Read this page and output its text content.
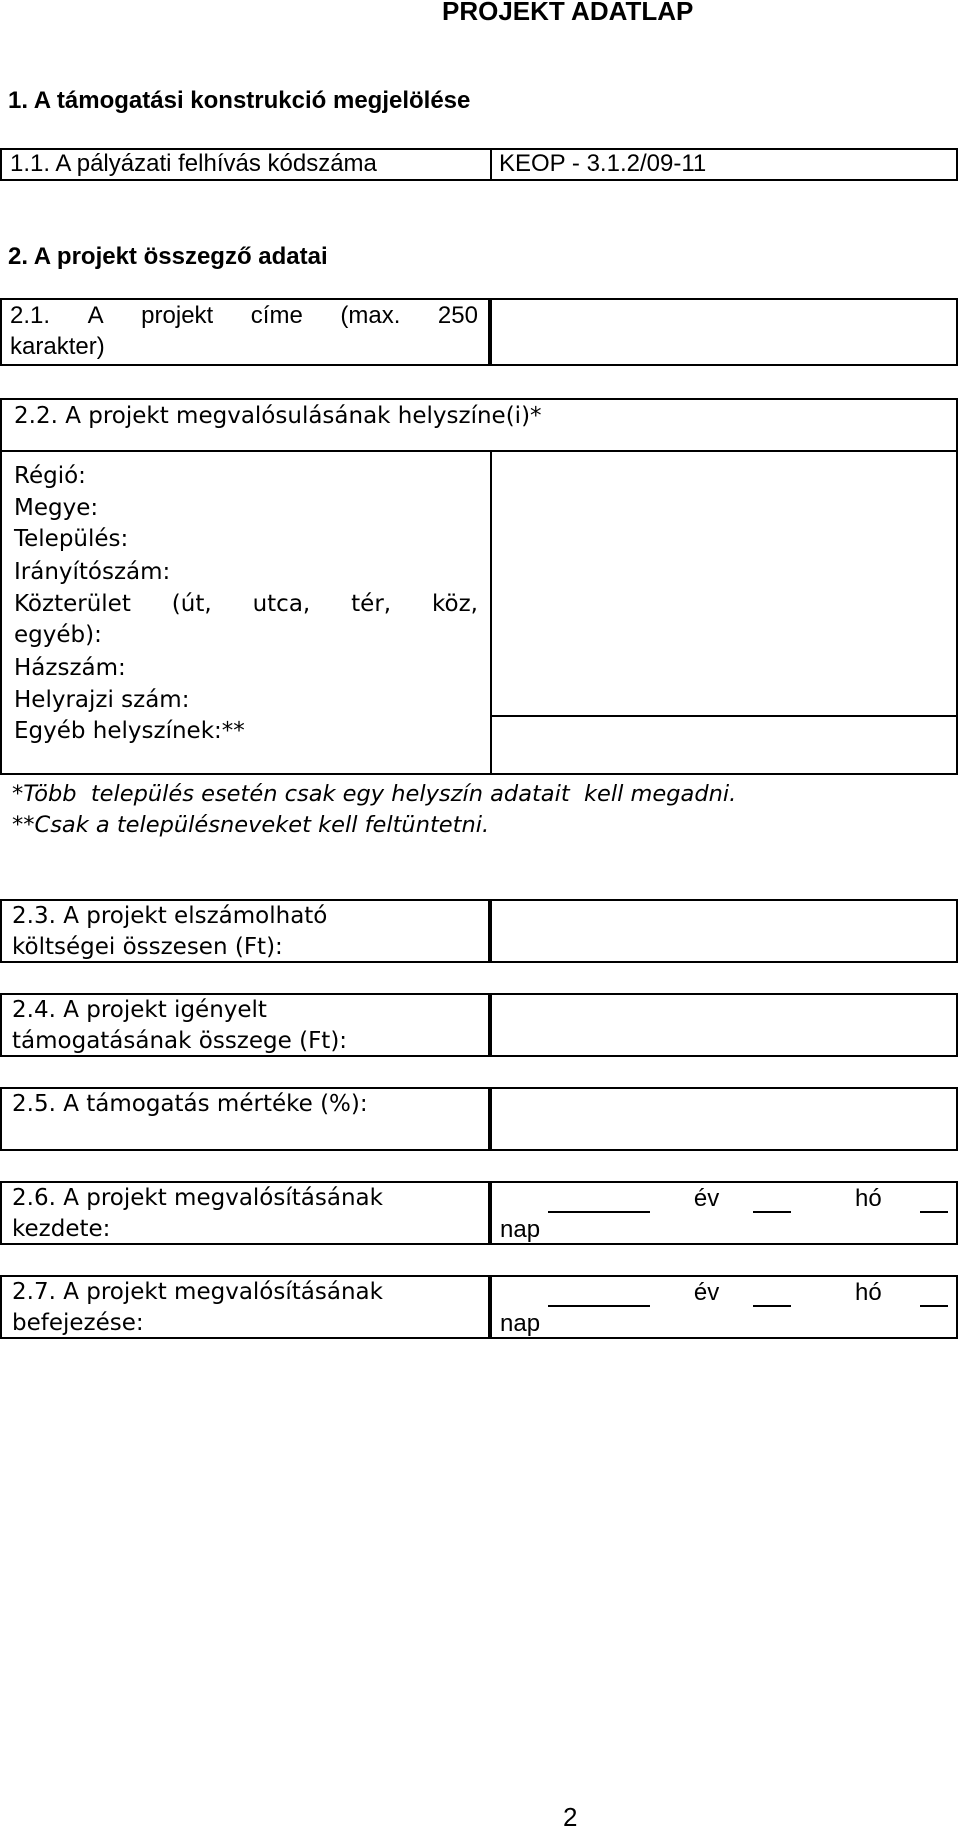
PROJEKT ADATLAP
1. A támogatási konstrukció megjelölése
1.1. A pályázati felhívás kódszáma	KEOP - 3.1.2/09-11
2. A projekt összegző adatai
2.1. A projekt címe (max. 250
karakter)
2.2. A projekt megvalósulásának helyszíne(i)*
Régió:
Megye:
Település:
Irányítószám:
Közterület (út, utca, tér, köz,
egyéb):
Házszám:
Helyrajzi szám:
Egyéb helyszínek:**
*Több  település esetén csak egy helyszín adatait  kell megadni.
**Csak a településneveket kell feltüntetni.
2.3. A projekt elszámolható
költségei összesen (Ft):
2.4. A projekt igényelt
támogatásának összege (Ft):
2.5. A támogatás mértéke (%):
2.6. A projekt megvalósításának
kezdete:
év	hó
nap
2.7. A projekt megvalósításának
befejezése:
év	hó
nap
2
